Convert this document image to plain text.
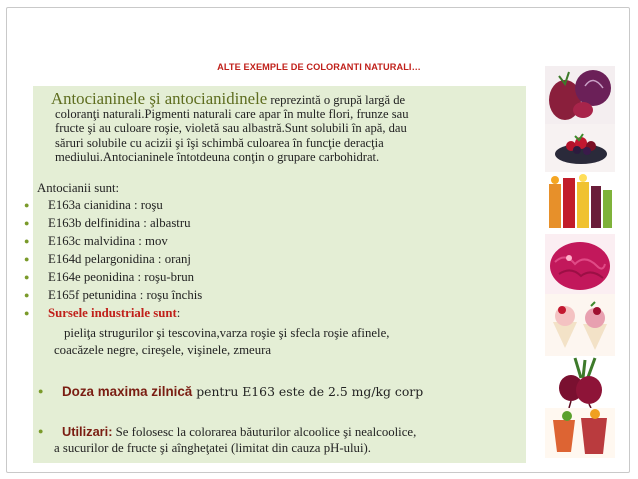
ALTE EXEMPLE DE COLORANTI NATURALI…
Antocianinele şi antocianidinele reprezintă o grupă largă de
coloranţi naturali.Pigmenti naturali care apar în multe flori, frunze sau
fructe şi au culoare roşie, violetă sau albastră.Sunt solubili în apă, dau
săruri solubile cu acizii şi îşi schimbă culoarea în funcţie deracţia
mediului.Antocianinele întotdeuna conţin o grupare carbohidrat.
Antocianii sunt:
● E163a cianidina : roşu
● E163b delfinidina : albastru
● E163c malvidina : mov
● E164d pelargonidina : oranj
● E164e peonidina : roşu-brun
● E165f petunidina : roşu închis
● Sursele industriale sunt:
pieliţa strugurilor şi tescovina,varza roşie şi sfecla roşie afinele,
coacăzele negre, cireşele, vişinele, zmeura
● Doza maxima zilnică pentru E163 este de 2.5 mg/kg corp
● Utilizari: Se folosesc la colorarea băuturilor alcoolice şi nealcoolice,
a sucurilor de fructe şi aîngheţatei (limitat din cauza pH-ului).
